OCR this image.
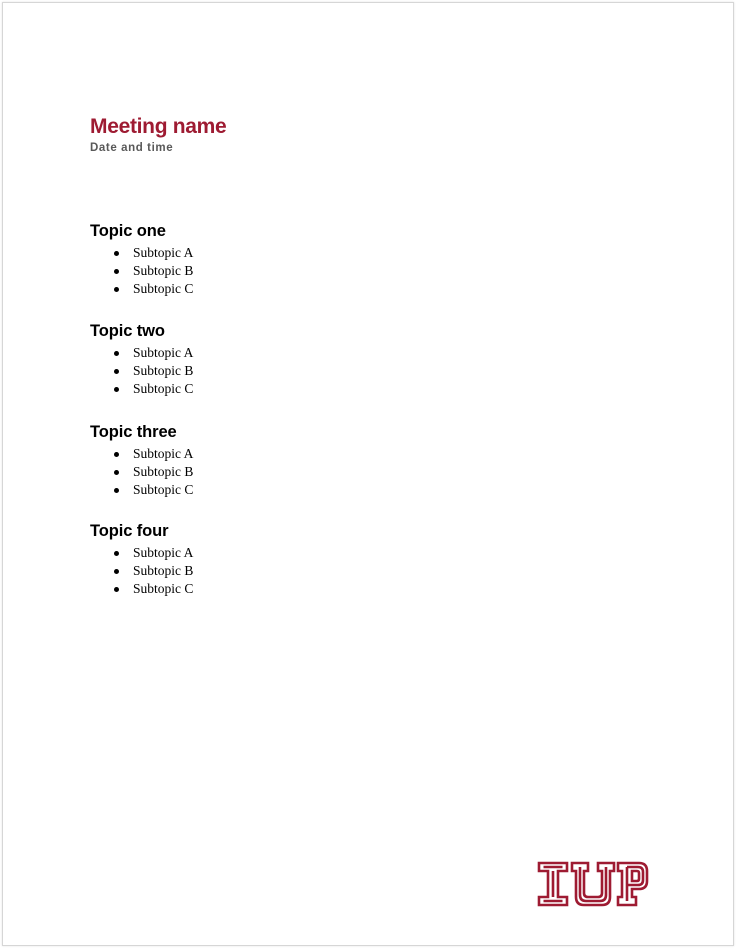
Meeting name
Date and time
Topic one
Subtopic A
Subtopic B
Subtopic C
Topic two
Subtopic A
Subtopic B
Subtopic C
Topic three
Subtopic A
Subtopic B
Subtopic C
Topic four
Subtopic A
Subtopic B
Subtopic C
